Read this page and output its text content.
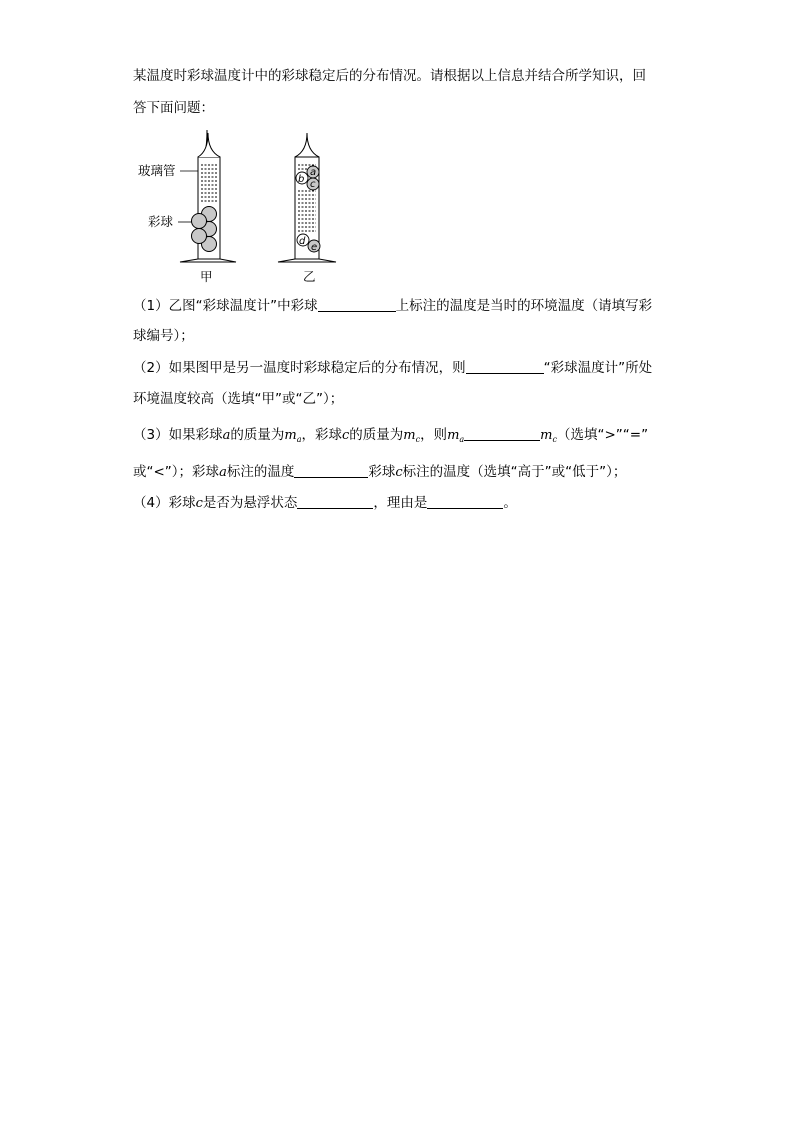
某温度时彩球温度计中的彩球稳定后的分布情况。请根据以上信息并结合所学知识，回
答下面问题：
玻璃管
彩球
甲
a
b c
d
e
乙
（1）乙图“彩球温度计”中彩球	上标注的温度是当时的环境温度（请填写彩
球编号）；
（2）如果图甲是另一温度时彩球稳定后的分布情况，则	“彩球温度计”所处
环境温度较高（选填“甲”或“乙”）；
（3）如果彩球a的质量为$m_a$，彩球c的质量为$m_c$，则$m_a$	$m_c$（选填“>”“=”
或“<”）；彩球a标注的温度	彩球c标注的温度（选填“高于”或“低于”）；
（4）彩球c是否为悬浮状态	，理由是	。
